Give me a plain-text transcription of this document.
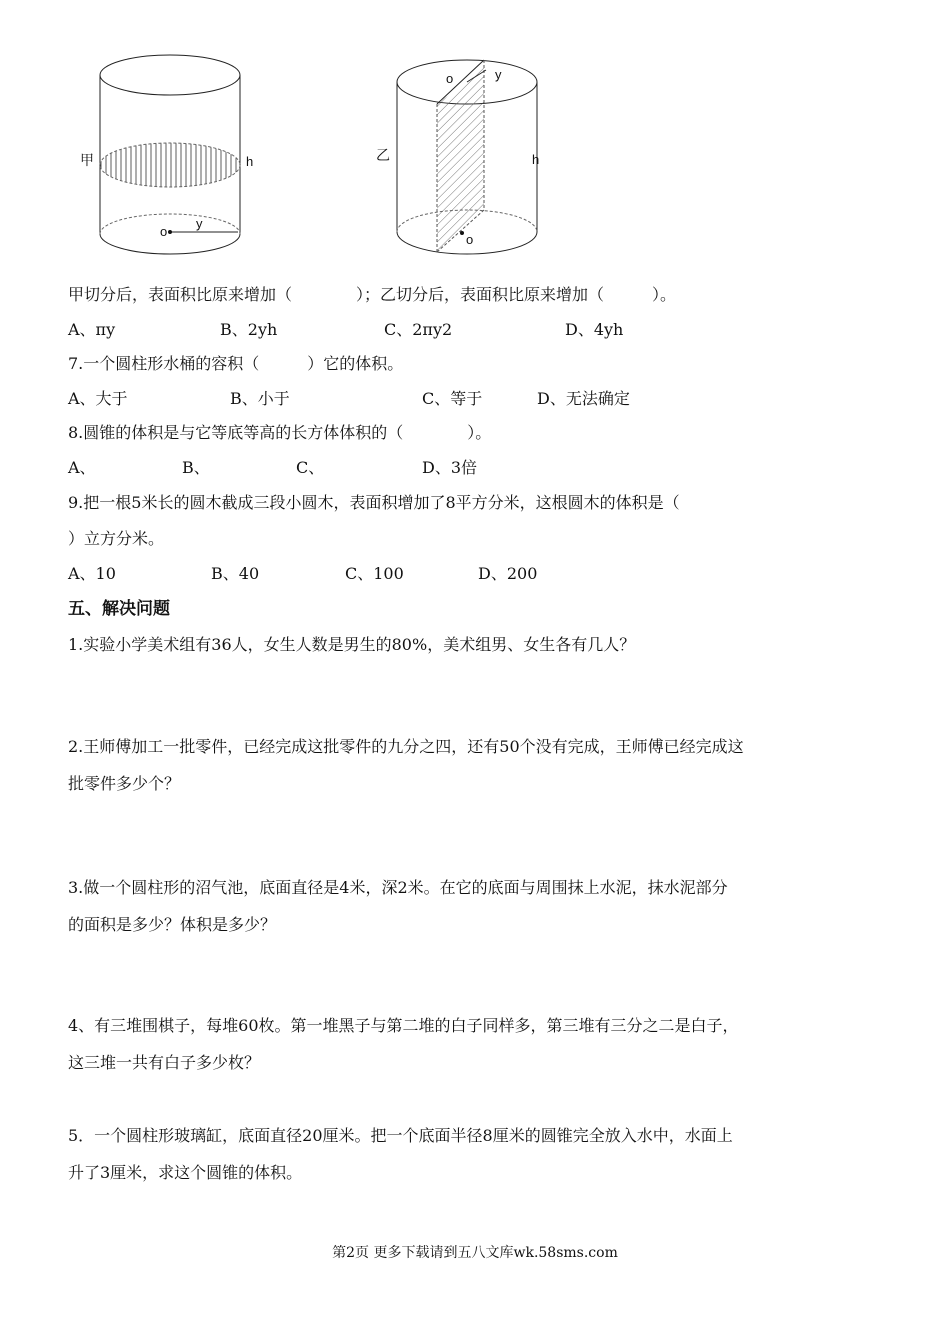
甲	h
y
o
乙	h
y
o
o
甲切分后，表面积比原来增加（　　　　）；乙切分后，表面积比原来增加（　　　）。
A、πy	B、2yh	C、2πy2	D、4yh
7.一个圆柱形水桶的容积（　　　）它的体积。
A、大于	B、小于	C、等于	D、无法确定
8.圆锥的体积是与它等底等高的长方体体积的（　　　　）。
A、	B、	C、	D、3倍
9.把一根5米长的圆木截成三段小圆木，表面积增加了8平方分米，这根圆木的体积是（
）立方分米。
A、10	B、40	C、100	D、200
五、解决问题
1.实验小学美术组有36人，女生人数是男生的80%，美术组男、女生各有几人？
2.王师傅加工一批零件，已经完成这批零件的九分之四，还有50个没有完成，王师傅已经完成这
批零件多少个？
3.做一个圆柱形的沼气池，底面直径是4米，深2米。在它的底面与周围抹上水泥，抹水泥部分
的面积是多少？体积是多少？
4、有三堆围棋子，每堆60枚。第一堆黑子与第二堆的白子同样多，第三堆有三分之二是白子，
这三堆一共有白子多少枚？
5．一个圆柱形玻璃缸，底面直径20厘米。把一个底面半径8厘米的圆锥完全放入水中，水面上
升了3厘米，求这个圆锥的体积。
第2页 更多下载请到五八文库wk.58sms.com
